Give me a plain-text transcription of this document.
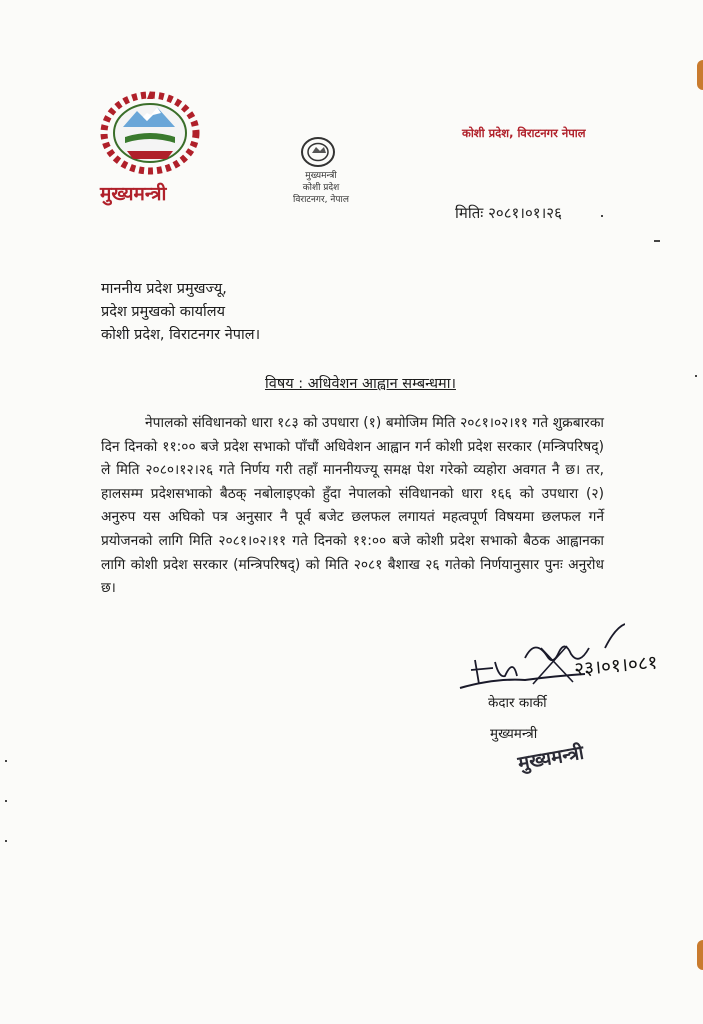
मुख्यमन्त्री
मुख्यमन्त्री
कोशी प्रदेश
विराटनगर, नेपाल
कोशी प्रदेश, विराटनगर नेपाल
मितिः २०८१।०१।२६
माननीय प्रदेश प्रमुखज्यू,
प्रदेश प्रमुखको कार्यालय
कोशी प्रदेश, विराटनगर नेपाल।
विषय : अधिवेशन आह्वान सम्बन्धमा।
नेपालको संविधानको धारा १८३ को उपधारा (१) बमोजिम मिति २०८१।०२।११ गते शुक्रबारका दिन दिनको ११:०० बजे प्रदेश सभाको पाँचौं अधिवेशन आह्वान गर्न कोशी प्रदेश सरकार (मन्त्रिपरिषद्) ले मिति २०८०।१२।२६ गते निर्णय गरी तहाँ माननीयज्यू समक्ष पेश गरेको व्यहोरा अवगत नै छ। तर, हालसम्म प्रदेशसभाको बैठक् नबोलाइएको हुँदा नेपालको संविधानको धारा १६६ को उपधारा (२) अनुरुप यस अघिको पत्र अनुसार नै पूर्व बजेट छलफल लगायतं महत्वपूर्ण विषयमा छलफल गर्ने प्रयोजनको लागि मिति २०८१।०२।११ गते दिनको ११:०० बजे कोशी प्रदेश सभाको बैठक आह्वानका लागि कोशी प्रदेश सरकार (मन्त्रिपरिषद्) को मिति २०८१ बैशाख २६ गतेको निर्णयानुसार पुनः अनुरोध छ।
२३।०१।०८१
केदार कार्की
मुख्यमन्त्री
मुख्यमन्त्री
